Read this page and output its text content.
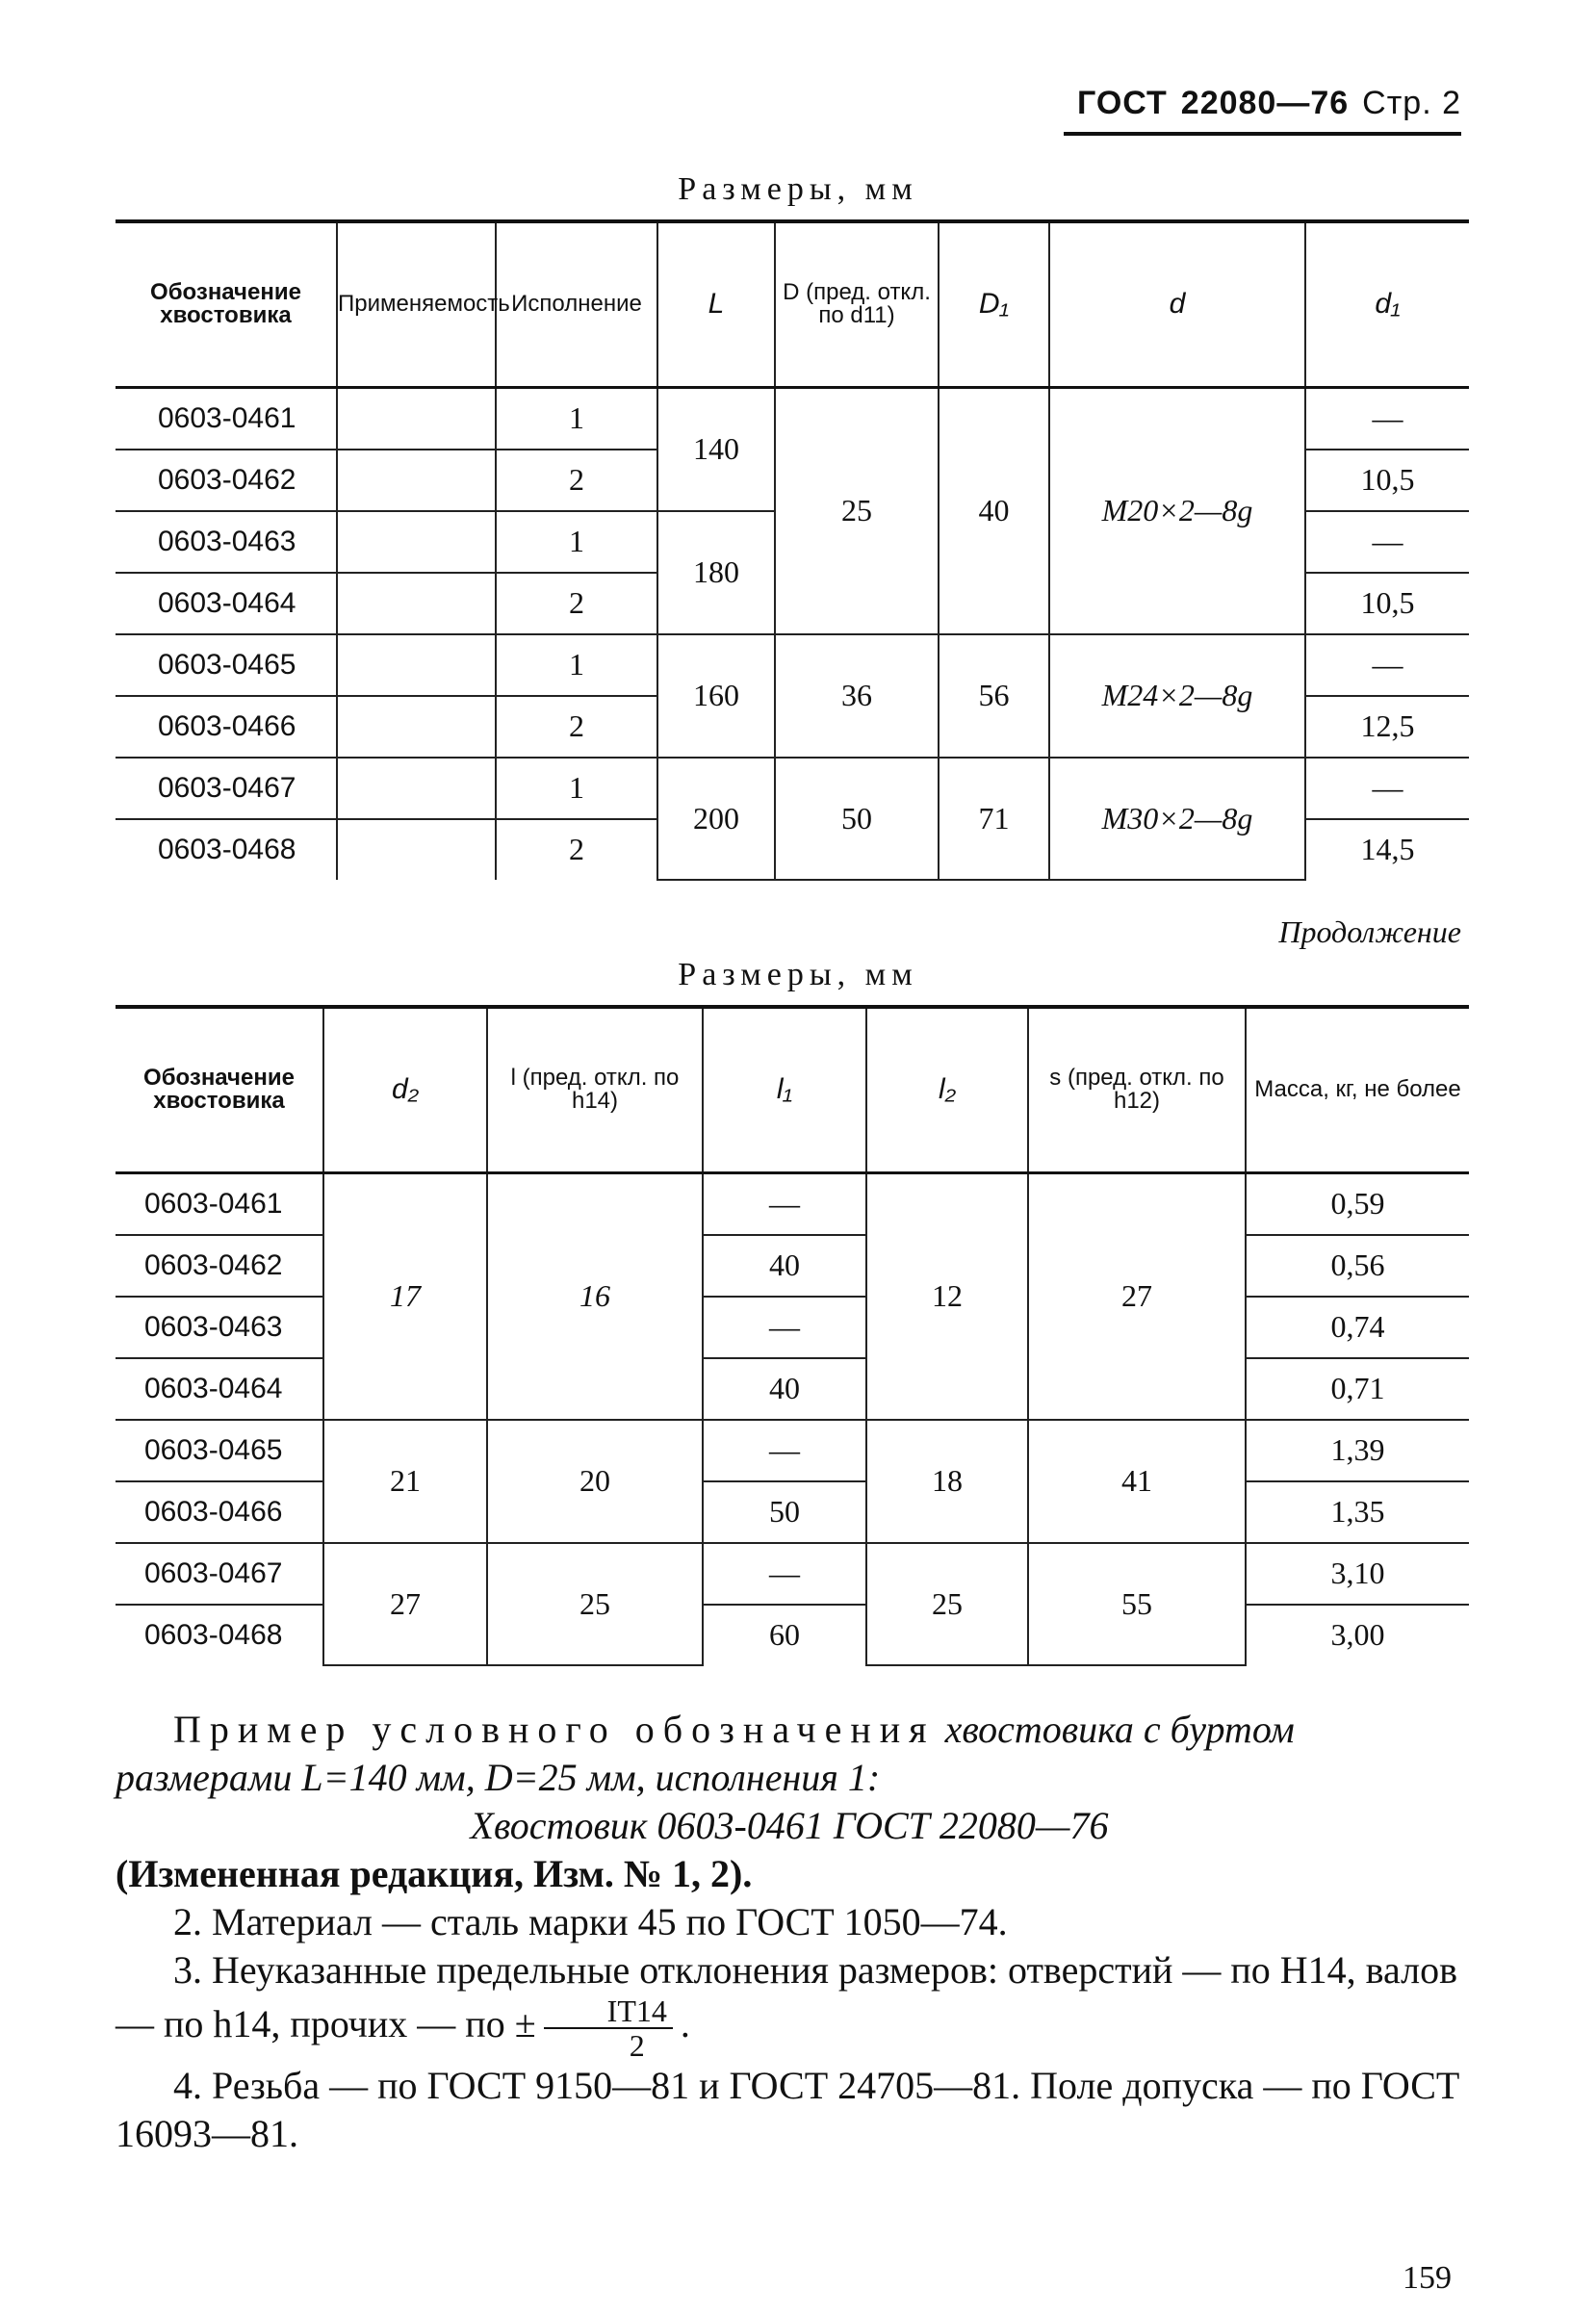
ГОСТ 22080—76 Стр. 2
Размеры, мм
Обозначение хвостовика	Применяемость	Исполнение	L	D (пред. откл. по d11)	D₁	d	d₁
0603-0461		1	140	25	40	M20×2—8g	—
0603-0462		2					10,5
0603-0463		1	180				—
0603-0464		2					10,5
0603-0465		1	160	36	56	M24×2—8g	—
0603-0466		2					12,5
0603-0467		1	200	50	71	M30×2—8g	—
0603-0468		2					14,5
Продолжение
Размеры, мм
Обозначение хвостовика	d₂	l (пред. откл. по h14)	l₁	l₂	s (пред. откл. по h12)	Масса, кг, не более
0603-0461	17	16	—	12	27	0,59
0603-0462			40			0,56
0603-0463			—			0,74
0603-0464			40			0,71
0603-0465	21	20	—	18	41	1,39
0603-0466			50			1,35
0603-0467	27	25	—	25	55	3,10
0603-0468			60			3,00

Пример условного обозначения хвостовика с буртом размерами L=140 мм, D=25 мм, исполнения 1:

Хвостовик 0603-0461 ГОСТ 22080—76

(Измененная редакция, Изм. № 1, 2).

2. Материал — сталь марки 45 по ГОСТ 1050—74.

3. Неуказанные предельные отклонения размеров: отверстий — по H14, валов — по h14, прочих — по ± $\frac{IT14}{2}$ .

4. Резьба — по ГОСТ 9150—81 и ГОСТ 24705—81. Поле допуска — по ГОСТ 16093—81.

159
